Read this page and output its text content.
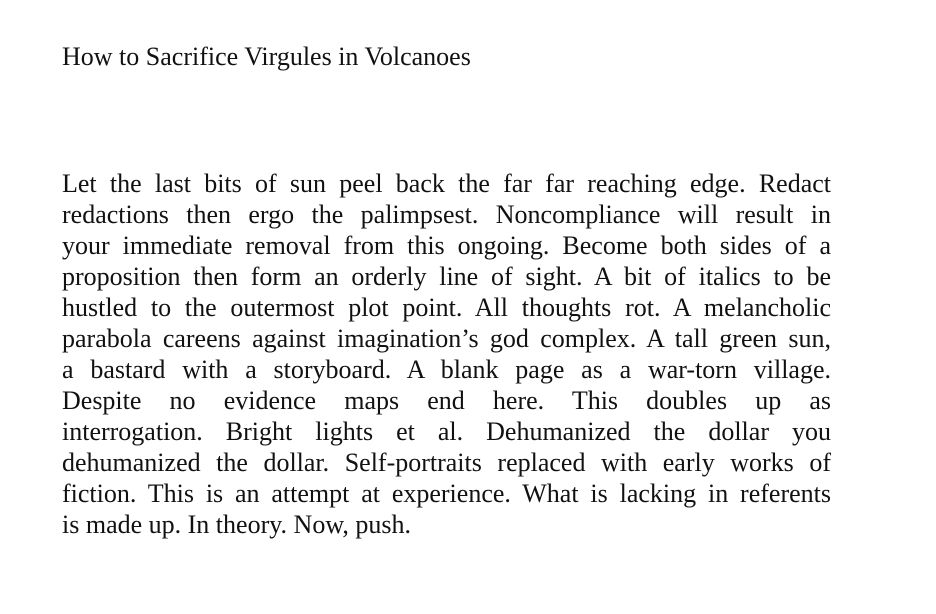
How to Sacrifice Virgules in Volcanoes
Let the last bits of sun peel back the far far reaching edge. Redact
redactions then ergo the palimpsest. Noncompliance will result in
your immediate removal from this ongoing. Become both sides of a
proposition then form an orderly line of sight. A bit of italics to be
hustled to the outermost plot point. All thoughts rot. A melancholic
parabola careens against imagination’s god complex. A tall green sun,
a bastard with a storyboard. A blank page as a war-torn village.
Despite no evidence maps end here. This doubles up as
interrogation. Bright lights et al. Dehumanized the dollar you
dehumanized the dollar. Self-portraits replaced with early works of
fiction. This is an attempt at experience. What is lacking in referents
is made up. In theory. Now, push.
